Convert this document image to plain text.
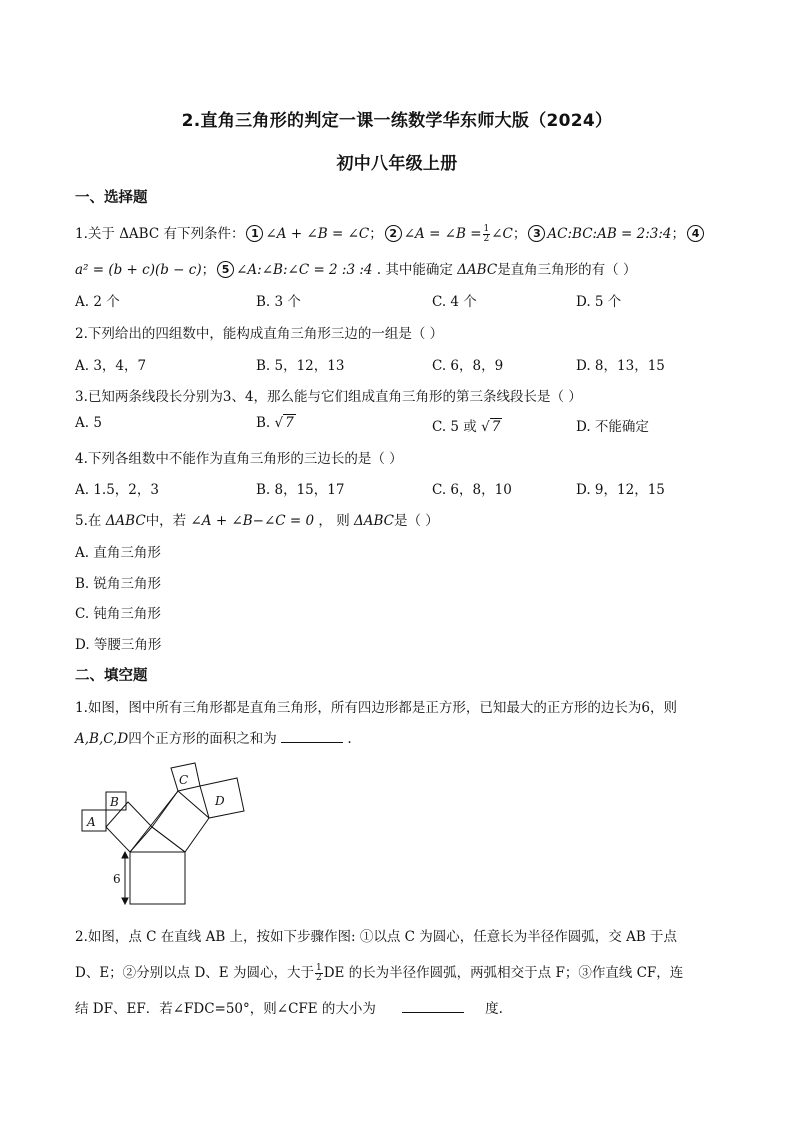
2.直角三角形的判定一课一练数学华东师大版（2024）
初中八年级上册
一、选择题
1.关于 ΔABC 有下列条件： 1 ∠A + ∠B = ∠C； 2 ∠A = ∠B = $\frac{1}{2}$ ∠C； 3 AC:BC:AB = 2:3:4； 4
a² = (b + c)(b − c)； 5 ∠A:∠B:∠C = 2 :3 :4 . 其中能确定 ΔABC是直角三角形的有（ ）
A. 2 个	B. 3 个	C. 4 个	D. 5 个
2.下列给出的四组数中，能构成直角三角形三边的一组是（ ）
A. 3，4，7	B. 5，12，13	C. 6，8，9	D. 8，13，15
3.已知两条线段长分别为3、4，那么能与它们组成直角三角形的第三条线段长是（ ）
A. 5	B. √ 7	C. 5 或 √ 7	D. 不能确定
4.下列各组数中不能作为直角三角形的三边长的是（ ）
A. 1.5，2，3	B. 8，15，17	C. 6，8，10	D. 9，12，15
5.在 ΔABC中，若 ∠A + ∠B−∠C = 0 ， 则 ΔABC是（ ）
A. 直角三角形
B. 锐角三角形
C. 钝角三角形
D. 等腰三角形
二、填空题
1.如图，图中所有三角形都是直角三角形，所有四边形都是正方形，已知最大的正方形的边长为6，则
A,B,C,D四个正方形的面积之和为	.
A
B
C
D
6
2.如图，点 C 在直线 AB 上，按如下步骤作图: ①以点 C 为圆心，任意长为半径作圆弧，交 AB 于点
D、E；②分别以点 D、E 为圆心，大于 $\frac{1}{2}$ DE 的长为半径作圆弧，两弧相交于点 F；③作直线 CF，连
结 DF、EF．若∠FDC=50°，则∠CFE 的大小为	度.
